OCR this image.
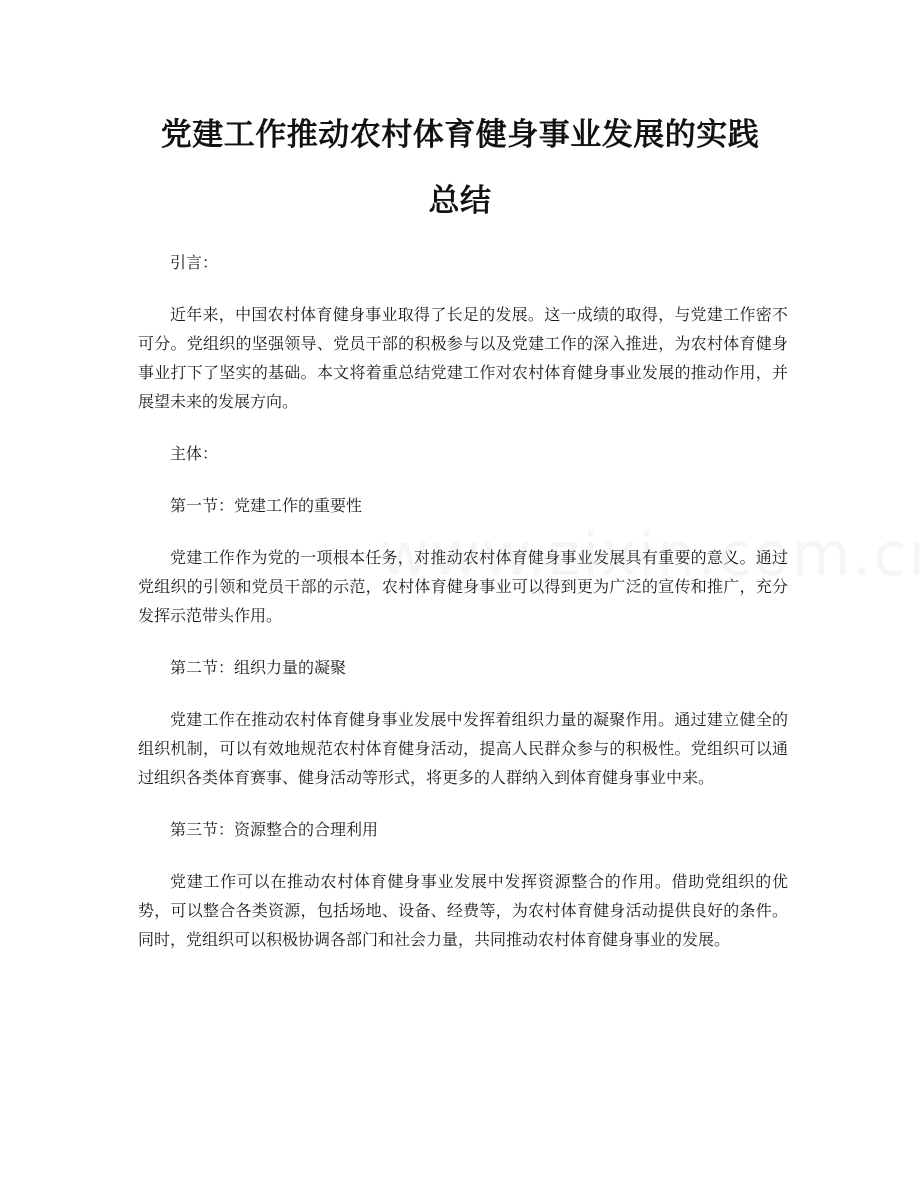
党建工作推动农村体育健身事业发展的实践
总结

引言：

近年来，中国农村体育健身事业取得了长足的发展。这一成绩的取得，与党建工作密不可分。党组织的坚强领导、党员干部的积极参与以及党建工作的深入推进，为农村体育健身事业打下了坚实的基础。本文将着重总结党建工作对农村体育健身事业发展的推动作用，并展望未来的发展方向。

主体：

第一节：党建工作的重要性

党建工作作为党的一项根本任务，对推动农村体育健身事业发展具有重要的意义。通过党组织的引领和党员干部的示范，农村体育健身事业可以得到更为广泛的宣传和推广，充分发挥示范带头作用。

第二节：组织力量的凝聚

党建工作在推动农村体育健身事业发展中发挥着组织力量的凝聚作用。通过建立健全的组织机制，可以有效地规范农村体育健身活动，提高人民群众参与的积极性。党组织可以通过组织各类体育赛事、健身活动等形式，将更多的人群纳入到体育健身事业中来。

第三节：资源整合的合理利用

党建工作可以在推动农村体育健身事业发展中发挥资源整合的作用。借助党组织的优势，可以整合各类资源，包括场地、设备、经费等，为农村体育健身活动提供良好的条件。同时，党组织可以积极协调各部门和社会力量，共同推动农村体育健身事业的发展。
